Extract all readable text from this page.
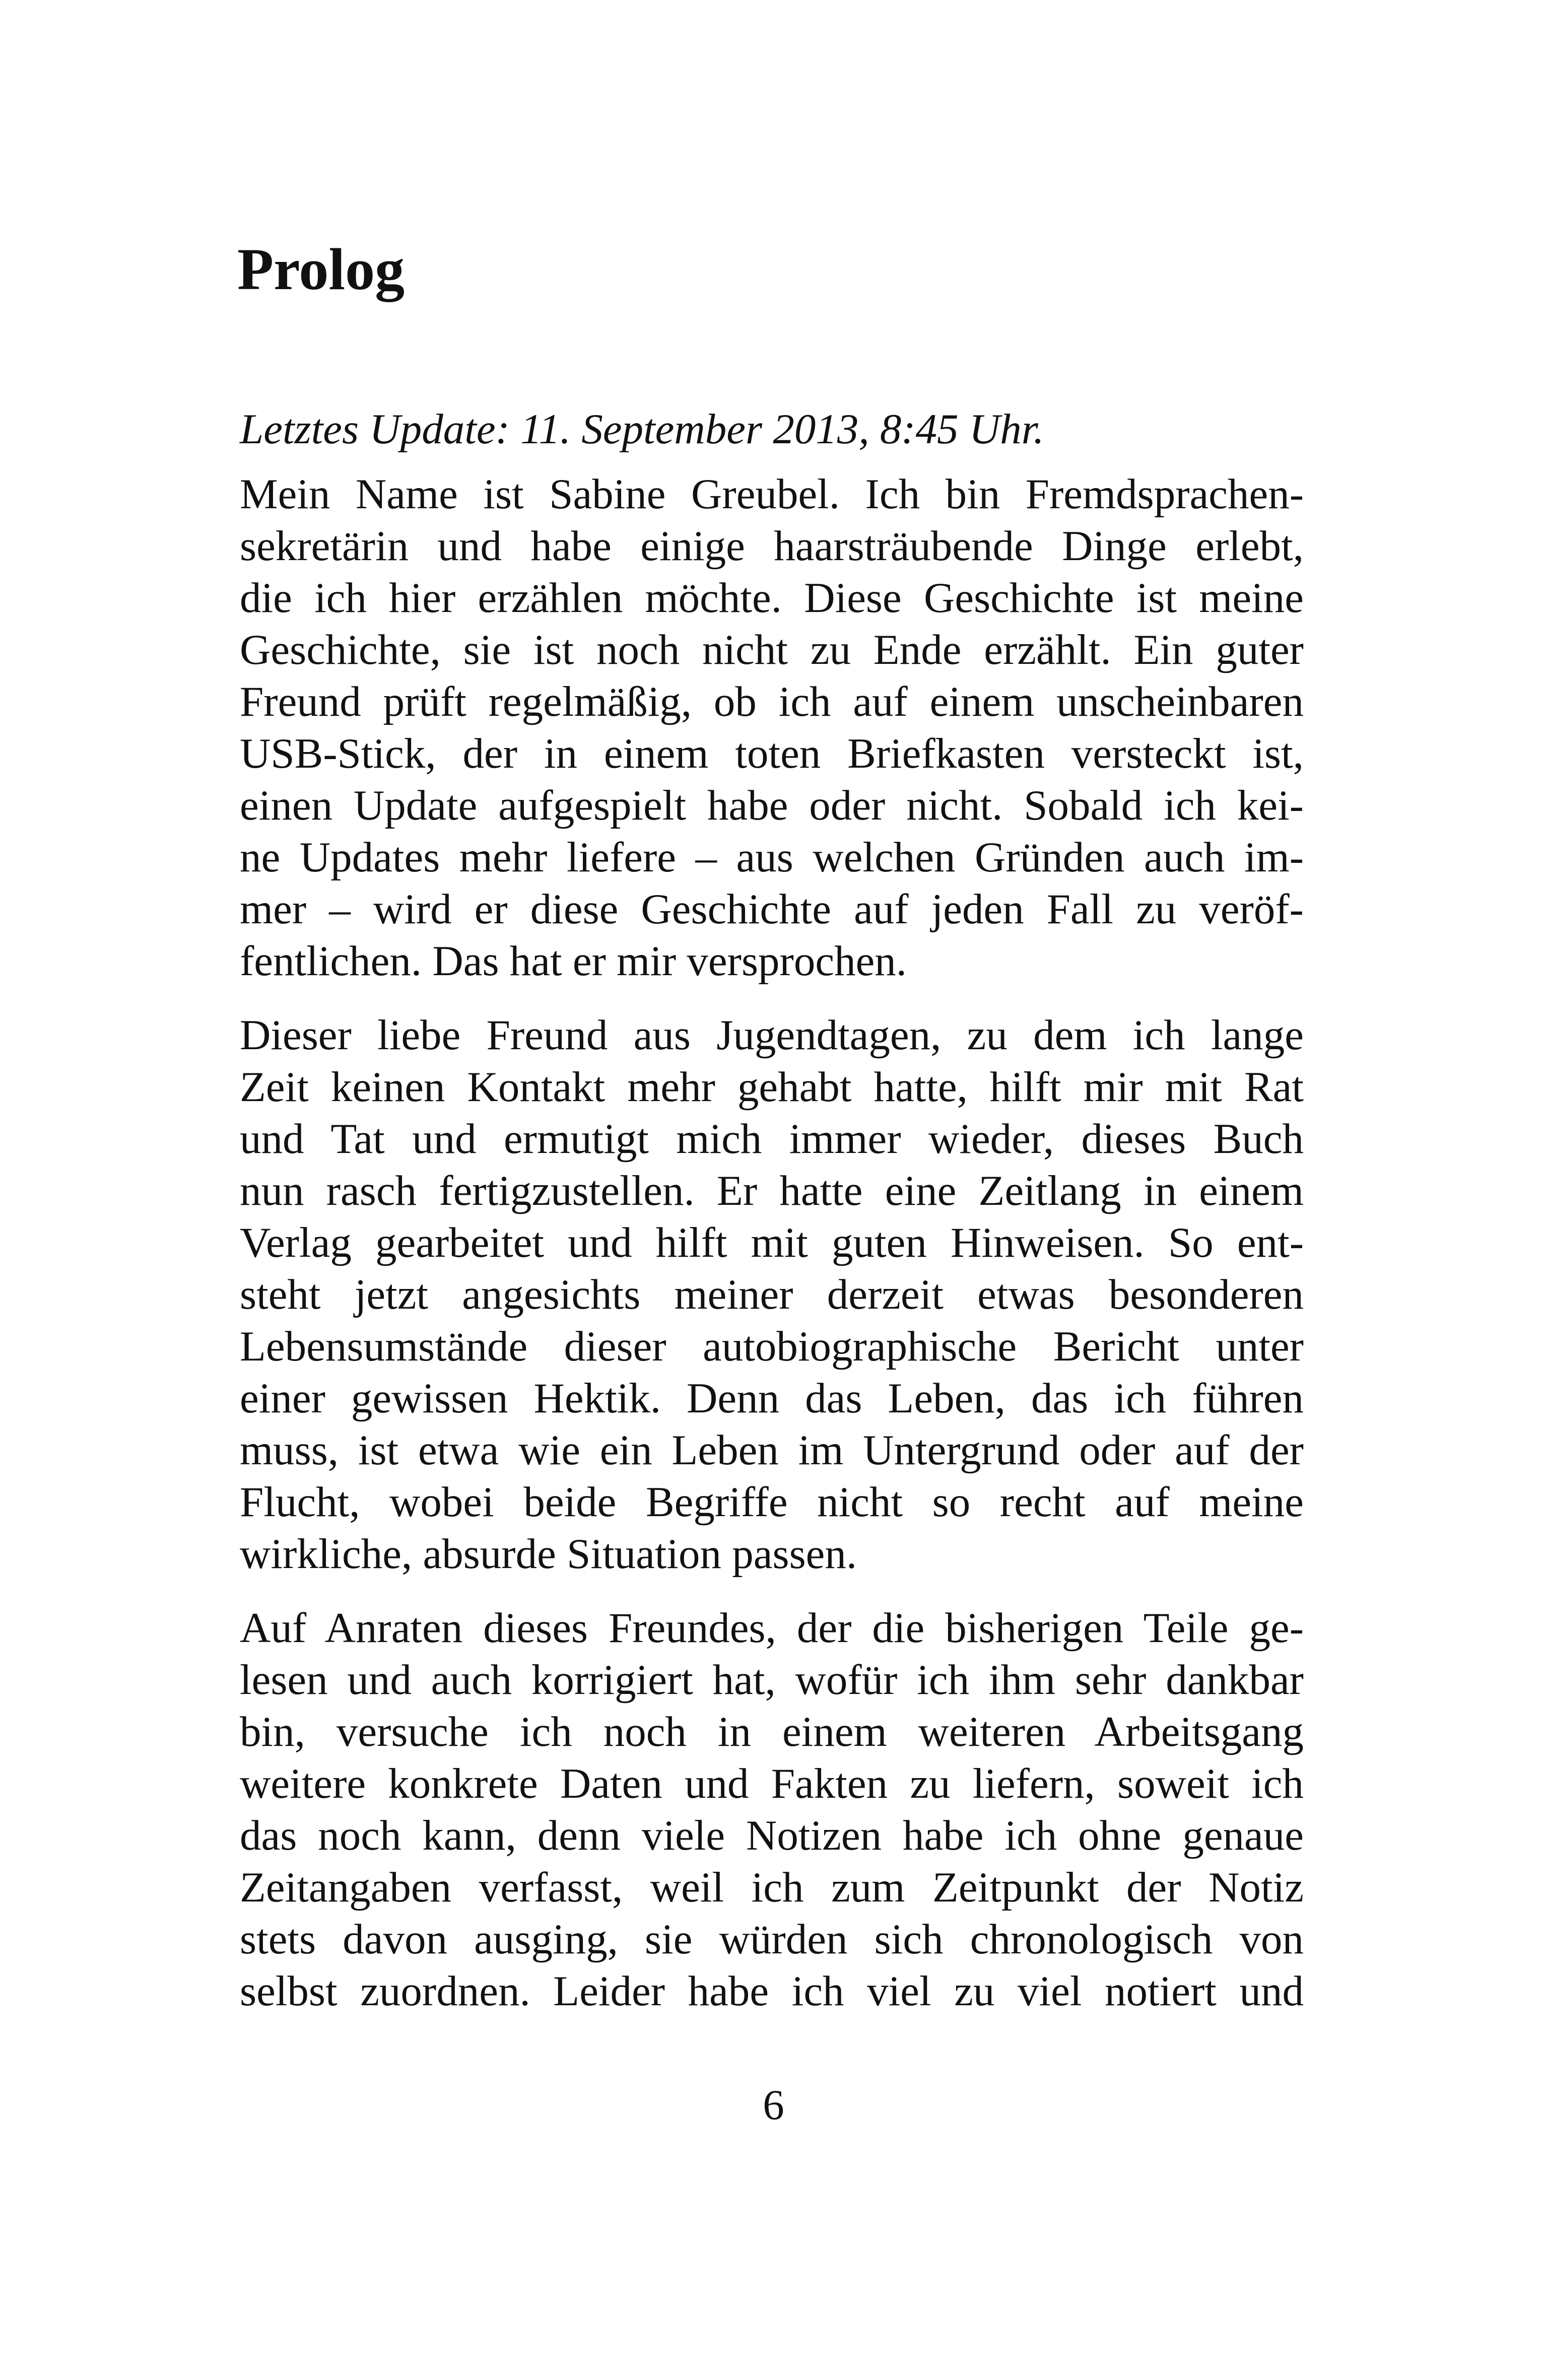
Prolog

Letztes Update: 11. September 2013, 8:45 Uhr.

Mein Name ist Sabine Greubel. Ich bin Fremdsprachen-
sekretärin und habe einige haarsträubende Dinge erlebt,
die ich hier erzählen möchte. Diese Geschichte ist meine
Geschichte, sie ist noch nicht zu Ende erzählt. Ein guter
Freund prüft regelmäßig, ob ich auf einem unscheinbaren
USB-Stick, der in einem toten Briefkasten versteckt ist,
einen Update aufgespielt habe oder nicht. Sobald ich kei-
ne Updates mehr liefere – aus welchen Gründen auch im-
mer – wird er diese Geschichte auf jeden Fall zu veröf-
fentlichen. Das hat er mir versprochen.

Dieser liebe Freund aus Jugendtagen, zu dem ich lange
Zeit keinen Kontakt mehr gehabt hatte, hilft mir mit Rat
und Tat und ermutigt mich immer wieder, dieses Buch
nun rasch fertigzustellen. Er hatte eine Zeitlang in einem
Verlag gearbeitet und hilft mit guten Hinweisen. So ent-
steht jetzt angesichts meiner derzeit etwas besonderen
Lebensumstände dieser autobiographische Bericht unter
einer gewissen Hektik. Denn das Leben, das ich führen
muss, ist etwa wie ein Leben im Untergrund oder auf der
Flucht, wobei beide Begriffe nicht so recht auf meine
wirkliche, absurde Situation passen.

Auf Anraten dieses Freundes, der die bisherigen Teile ge-
lesen und auch korrigiert hat, wofür ich ihm sehr dankbar
bin, versuche ich noch in einem weiteren Arbeitsgang
weitere konkrete Daten und Fakten zu liefern, soweit ich
das noch kann, denn viele Notizen habe ich ohne genaue
Zeitangaben verfasst, weil ich zum Zeitpunkt der Notiz
stets davon ausging, sie würden sich chronologisch von
selbst zuordnen. Leider habe ich viel zu viel notiert und

6
